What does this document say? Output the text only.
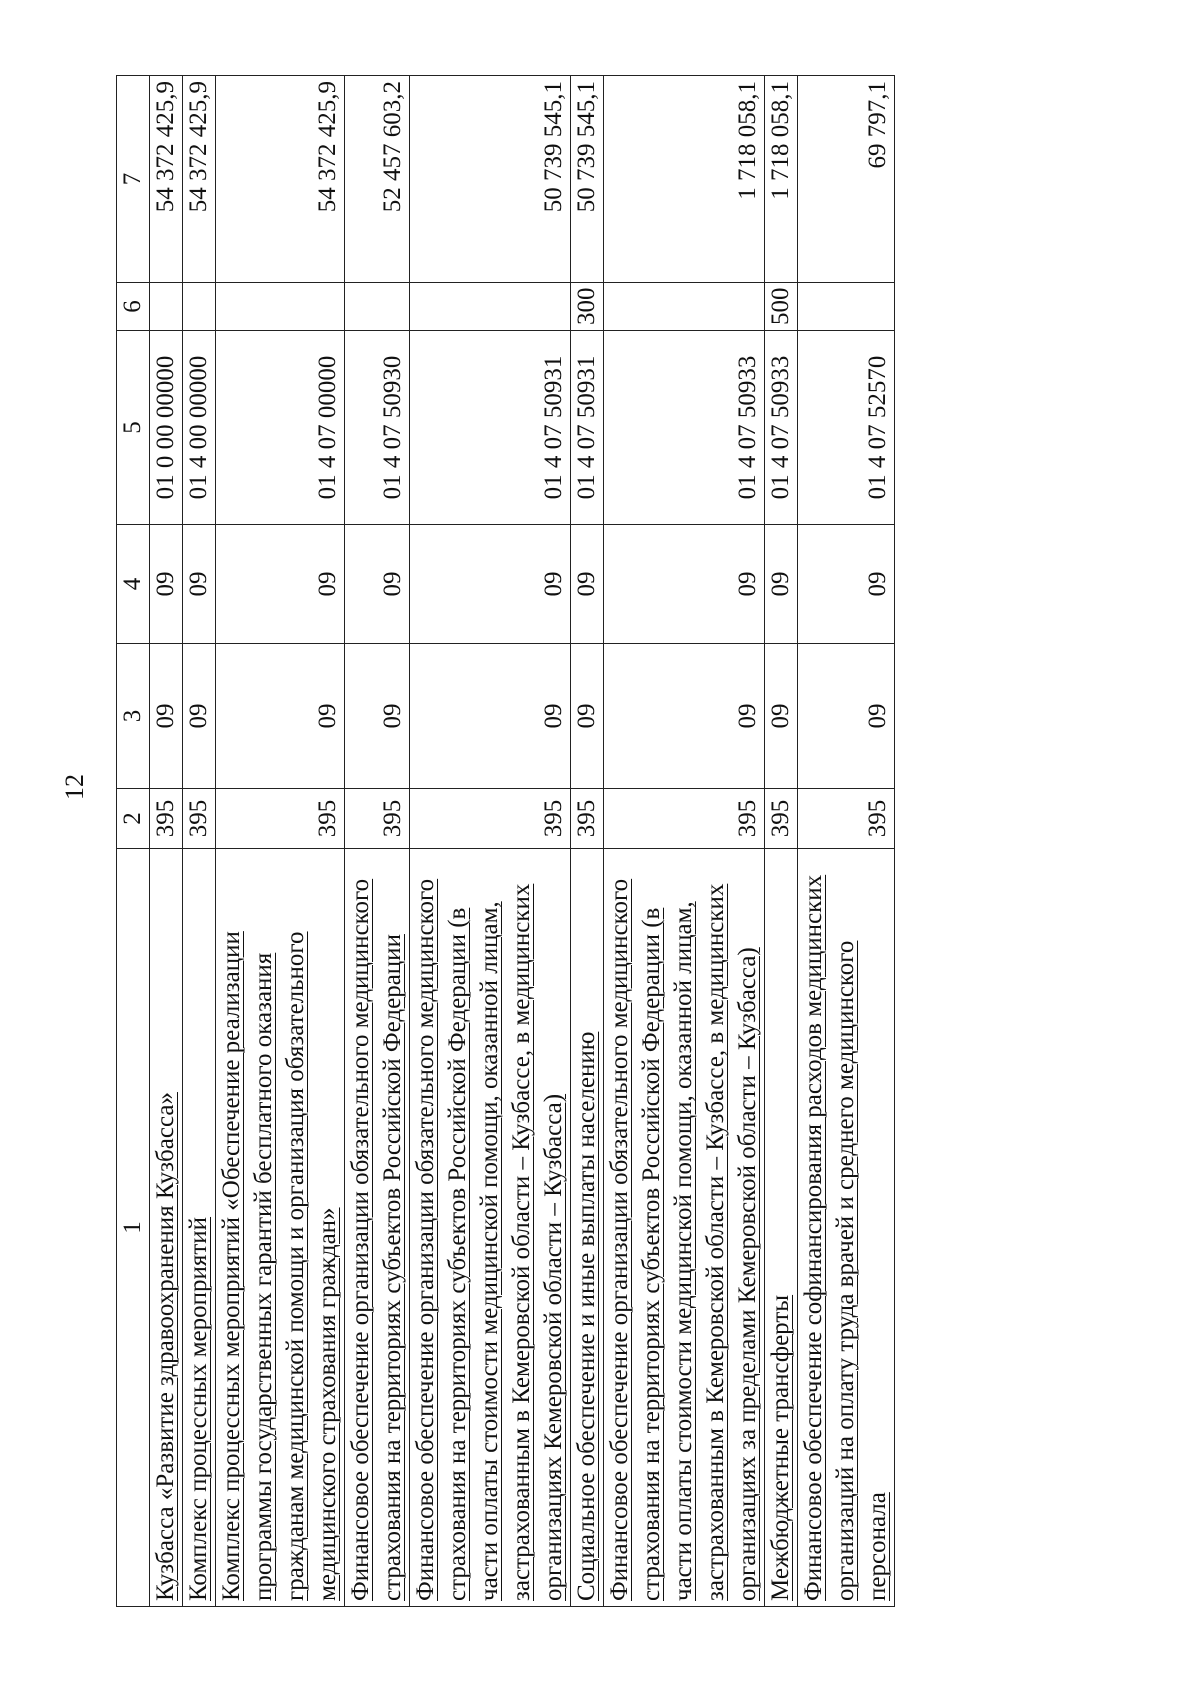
12
1	2	3	4	5	6	7
Кузбасса «Развитие здравоохранения Кузбасса»	395	09	09	01 0 00 00000		54 372 425,9
Комплекс процессных мероприятий	395	09	09	01 4 00 00000		54 372 425,9
Комплекс процессных мероприятий «Обеспечение реализации программы государственных гарантий бесплатного оказания гражданам медицинской помощи и организация обязательного медицинского страхования граждан»	395	09	09	01 4 07 00000		54 372 425,9
Финансовое обеспечение организации обязательного медицинского страхования на территориях субъектов Российской Федерации	395	09	09	01 4 07 50930		52 457 603,2
Финансовое обеспечение организации обязательного медицинского страхования на территориях субъектов Российской Федерации (в части оплаты стоимости медицинской помощи, оказанной лицам, застрахованным в Кемеровской области – Кузбассе, в медицинских организациях Кемеровской области – Кузбасса)	395	09	09	01 4 07 50931		50 739 545,1
Социальное обеспечение и иные выплаты населению	395	09	09	01 4 07 50931	300	50 739 545,1
Финансовое обеспечение организации обязательного медицинского страхования на территориях субъектов Российской Федерации (в части оплаты стоимости медицинской помощи, оказанной лицам, застрахованным в Кемеровской области – Кузбассе, в медицинских организациях за пределами Кемеровской области – Кузбасса)	395	09	09	01 4 07 50933		1 718 058,1
Межбюджетные трансферты	395	09	09	01 4 07 50933	500	1 718 058,1
Финансовое обеспечение софинансирования расходов медицинских организаций на оплату труда врачей и среднего медицинского персонала	395	09	09	01 4 07 52570		69 797,1
